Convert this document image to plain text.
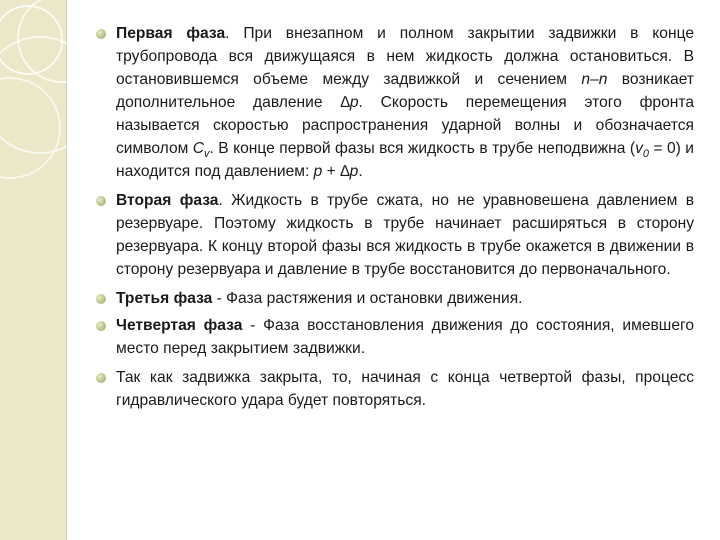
Первая фаза. При внезапном и полном закрытии задвижки в конце трубопровода вся движущаяся в нем жидкость должна остановиться. В остановившемся объеме между задвижкой и сечением n–n возникает дополнительное давление ∆p. Скорость перемещения этого фронта называется скоростью распространения ударной волны и обозначается символом $C_v$. В конце первой фазы вся жидкость в трубе неподвижна $(v_0 = 0)$ и находится под давлением: p + ∆p.
Вторая фаза. Жидкость в трубе сжата, но не уравновешена давлением в резервуаре. Поэтому жидкость в трубе начинает расширяться в сторону резервуара. К концу второй фазы вся жидкость в трубе окажется в движении в сторону резервуара и давление в трубе восстановится до первоначального.
Третья фаза - Фаза растяжения и остановки движения.
Четвертая фаза - Фаза восстановления движения до состояния, имевшего место перед закрытием задвижки.
Так как задвижка закрыта, то, начиная с конца четвертой фазы, процесс гидравлического удара будет повторяться.
